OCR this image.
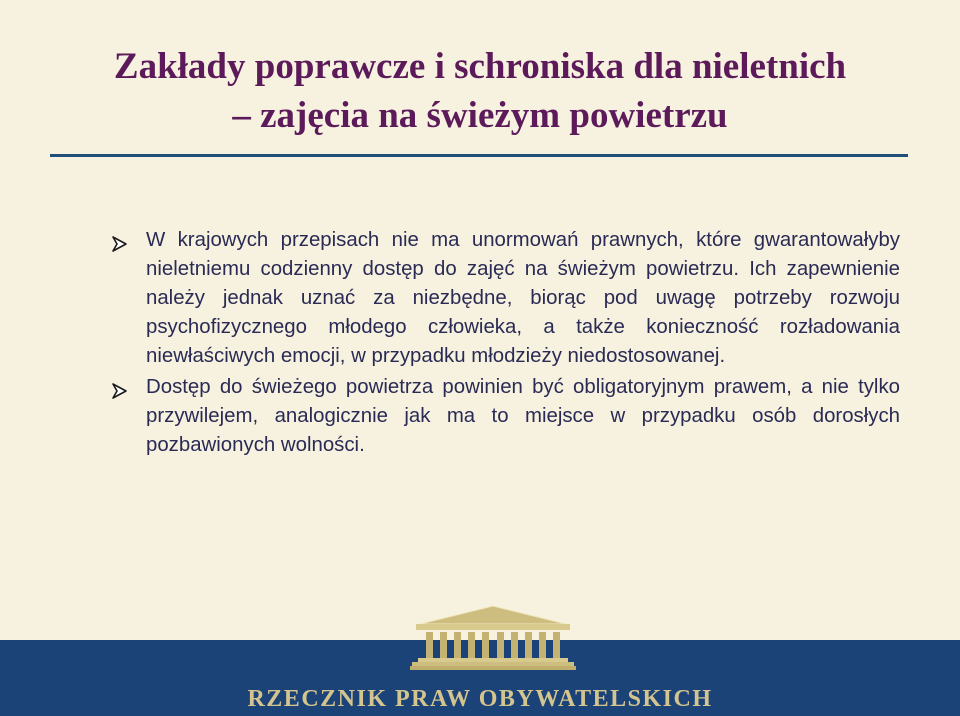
Zakłady poprawcze i schroniska dla nieletnich
– zajęcia na świeżym powietrzu
W krajowych przepisach nie ma unormowań prawnych, które gwarantowałyby nieletniemu codzienny dostęp do zajęć na świeżym powietrzu. Ich zapewnienie należy jednak uznać za niezbędne, biorąc pod uwagę potrzeby rozwoju psychofizycznego młodego człowieka, a także konieczność rozładowania niewłaściwych emocji, w przypadku młodzieży niedostosowanej.
Dostęp do świeżego powietrza powinien być obligatoryjnym prawem, a nie tylko przywilejem, analogicznie jak ma to miejsce w przypadku osób dorosłych pozbawionych wolności.
RZECZNIK PRAW OBYWATELSKICH
